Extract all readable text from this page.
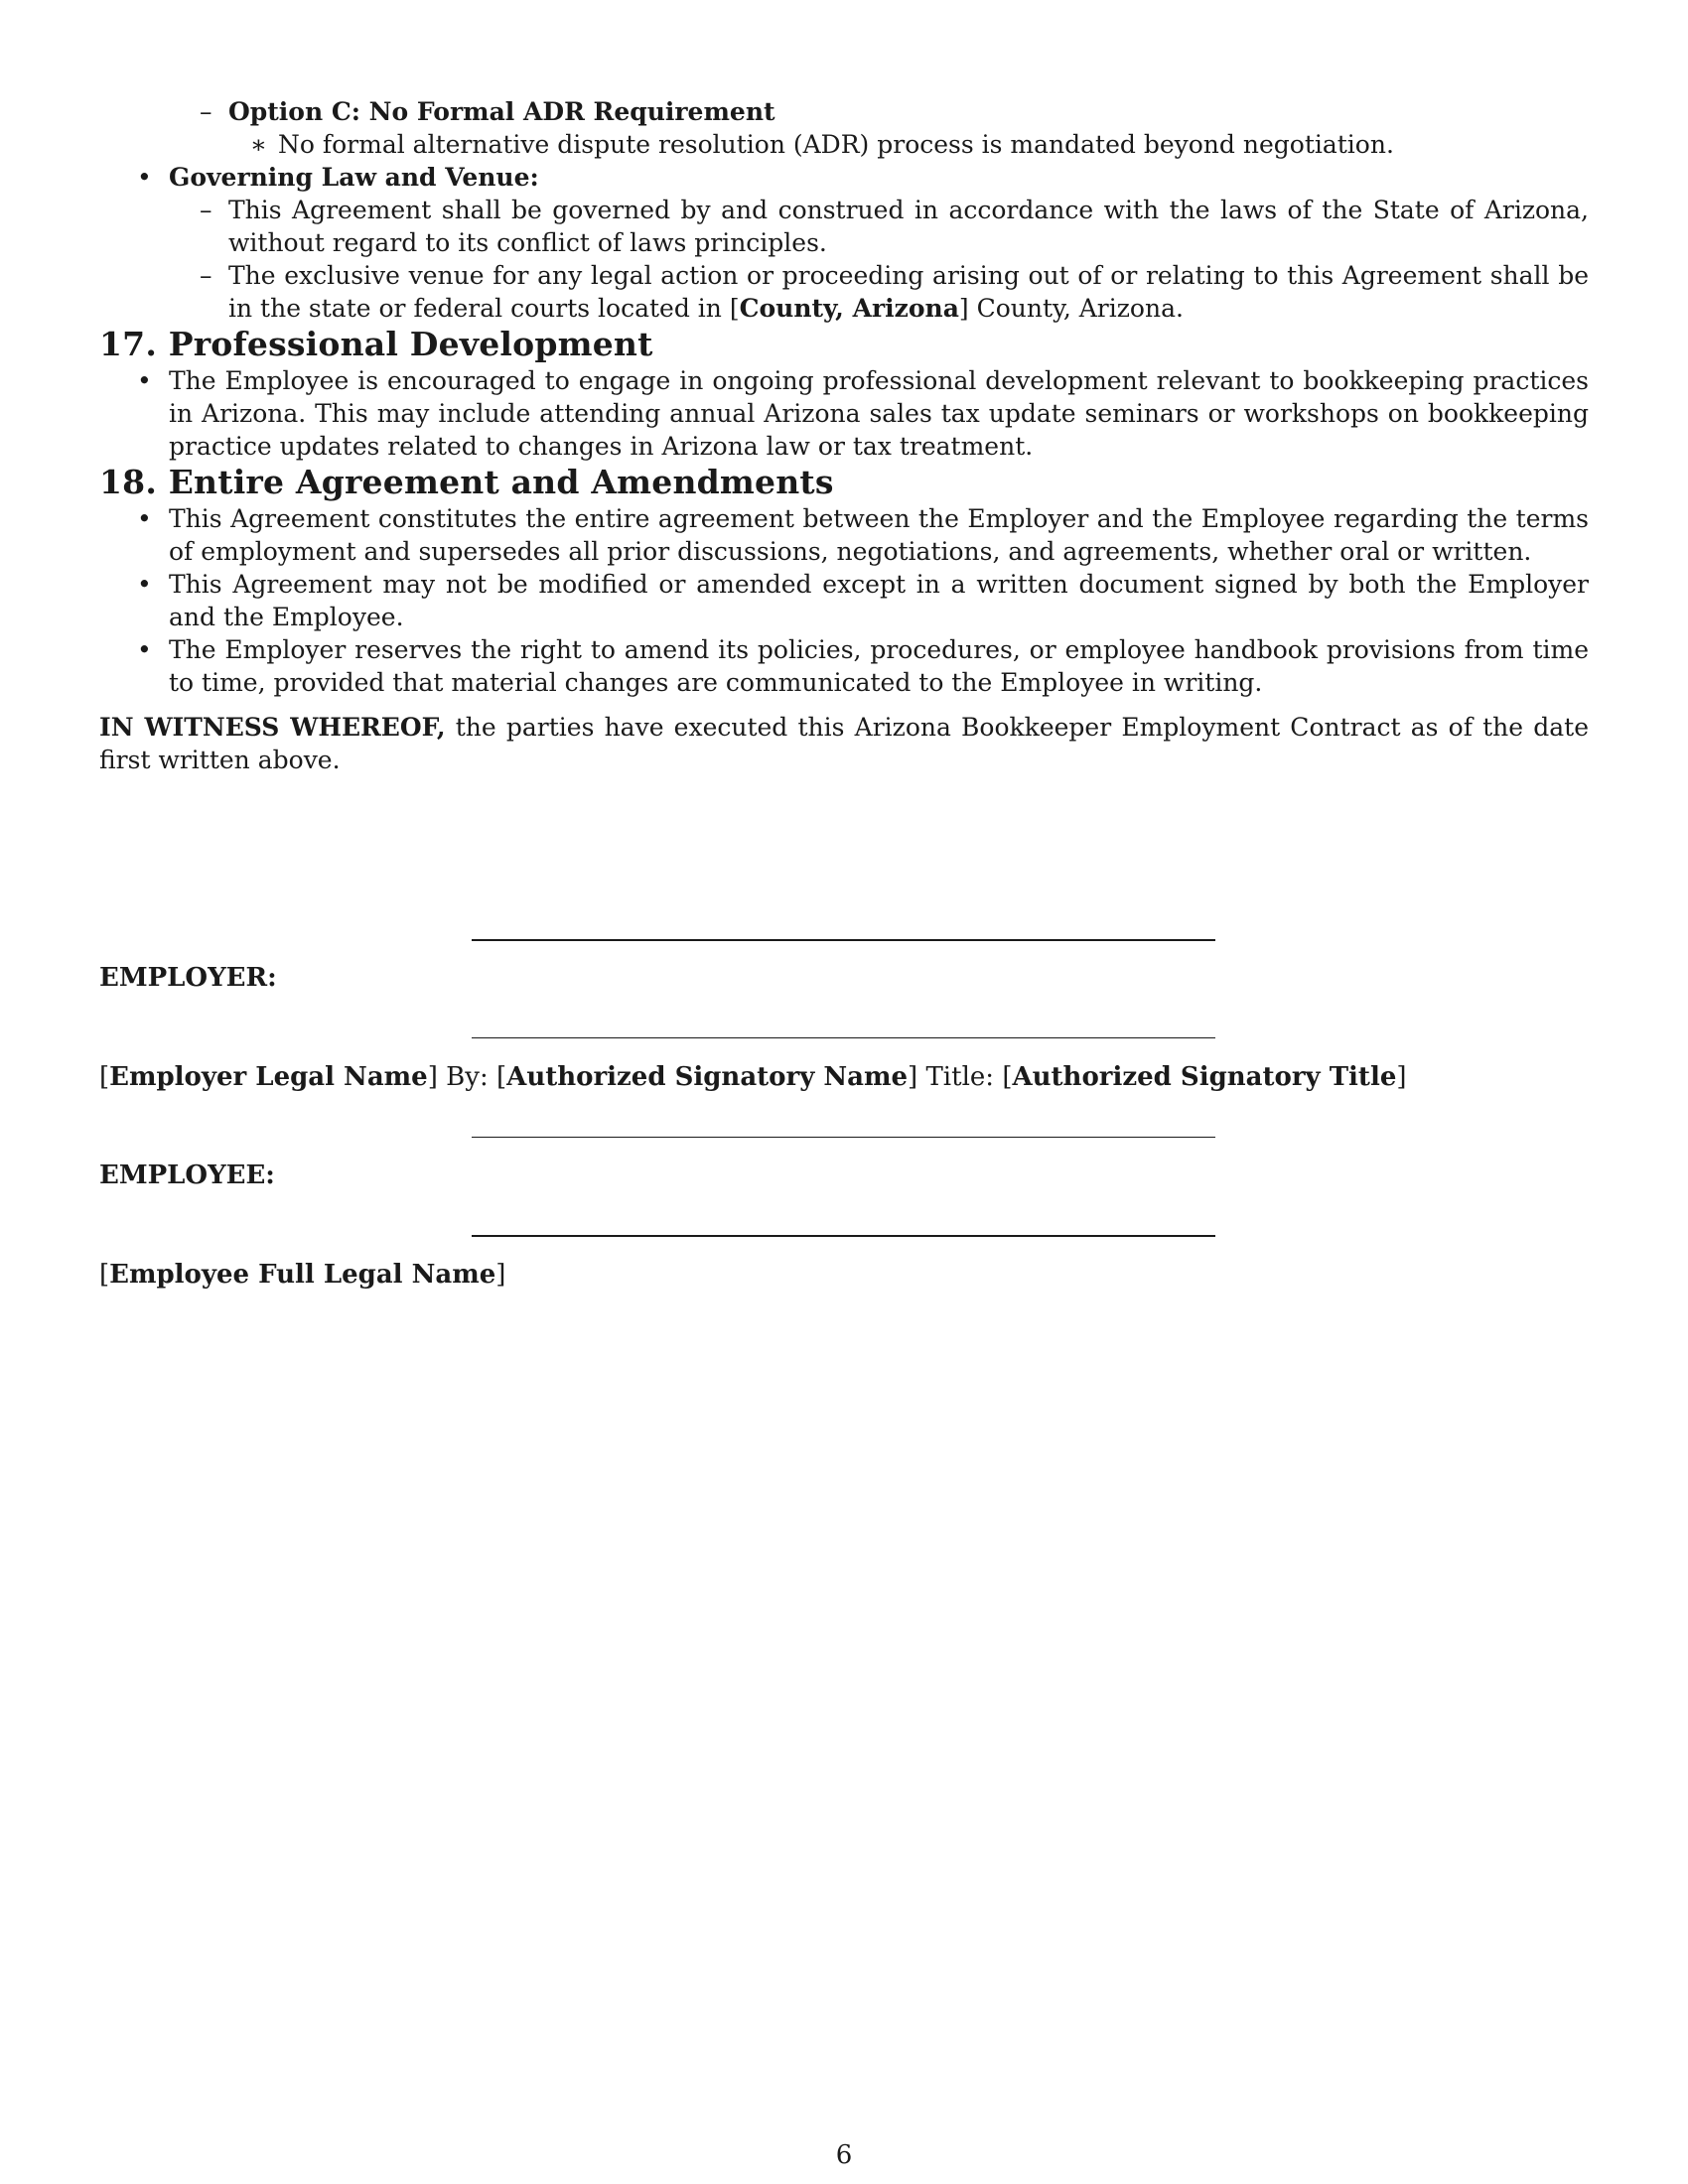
– Option C: No Formal ADR Requirement
∗ No formal alternative dispute resolution (ADR) process is mandated beyond negotiation.
• Governing Law and Venue:
– This Agreement shall be governed by and construed in accordance with the laws of the State of Arizona, without regard to its conflict of laws principles.
– The exclusive venue for any legal action or proceeding arising out of or relating to this Agreement shall be in the state or federal courts located in [County, Arizona] County, Arizona.
17. Professional Development
• The Employee is encouraged to engage in ongoing professional development relevant to bookkeeping practices in Arizona. This may include attending annual Arizona sales tax update seminars or workshops on bookkeeping practice updates related to changes in Arizona law or tax treatment.
18. Entire Agreement and Amendments
• This Agreement constitutes the entire agreement between the Employer and the Employee regarding the terms of employment and supersedes all prior discussions, negotiations, and agreements, whether oral or written.
• This Agreement may not be modified or amended except in a written document signed by both the Employer and the Employee.
• The Employer reserves the right to amend its policies, procedures, or employee handbook provisions from time to time, provided that material changes are communicated to the Employee in writing.

IN WITNESS WHEREOF, the parties have executed this Arizona Bookkeeper Employment Contract as of the date first written above.

EMPLOYER:
[Employer Legal Name] By: [Authorized Signatory Name] Title: [Authorized Signatory Title]
EMPLOYEE:
[Employee Full Legal Name]
6
